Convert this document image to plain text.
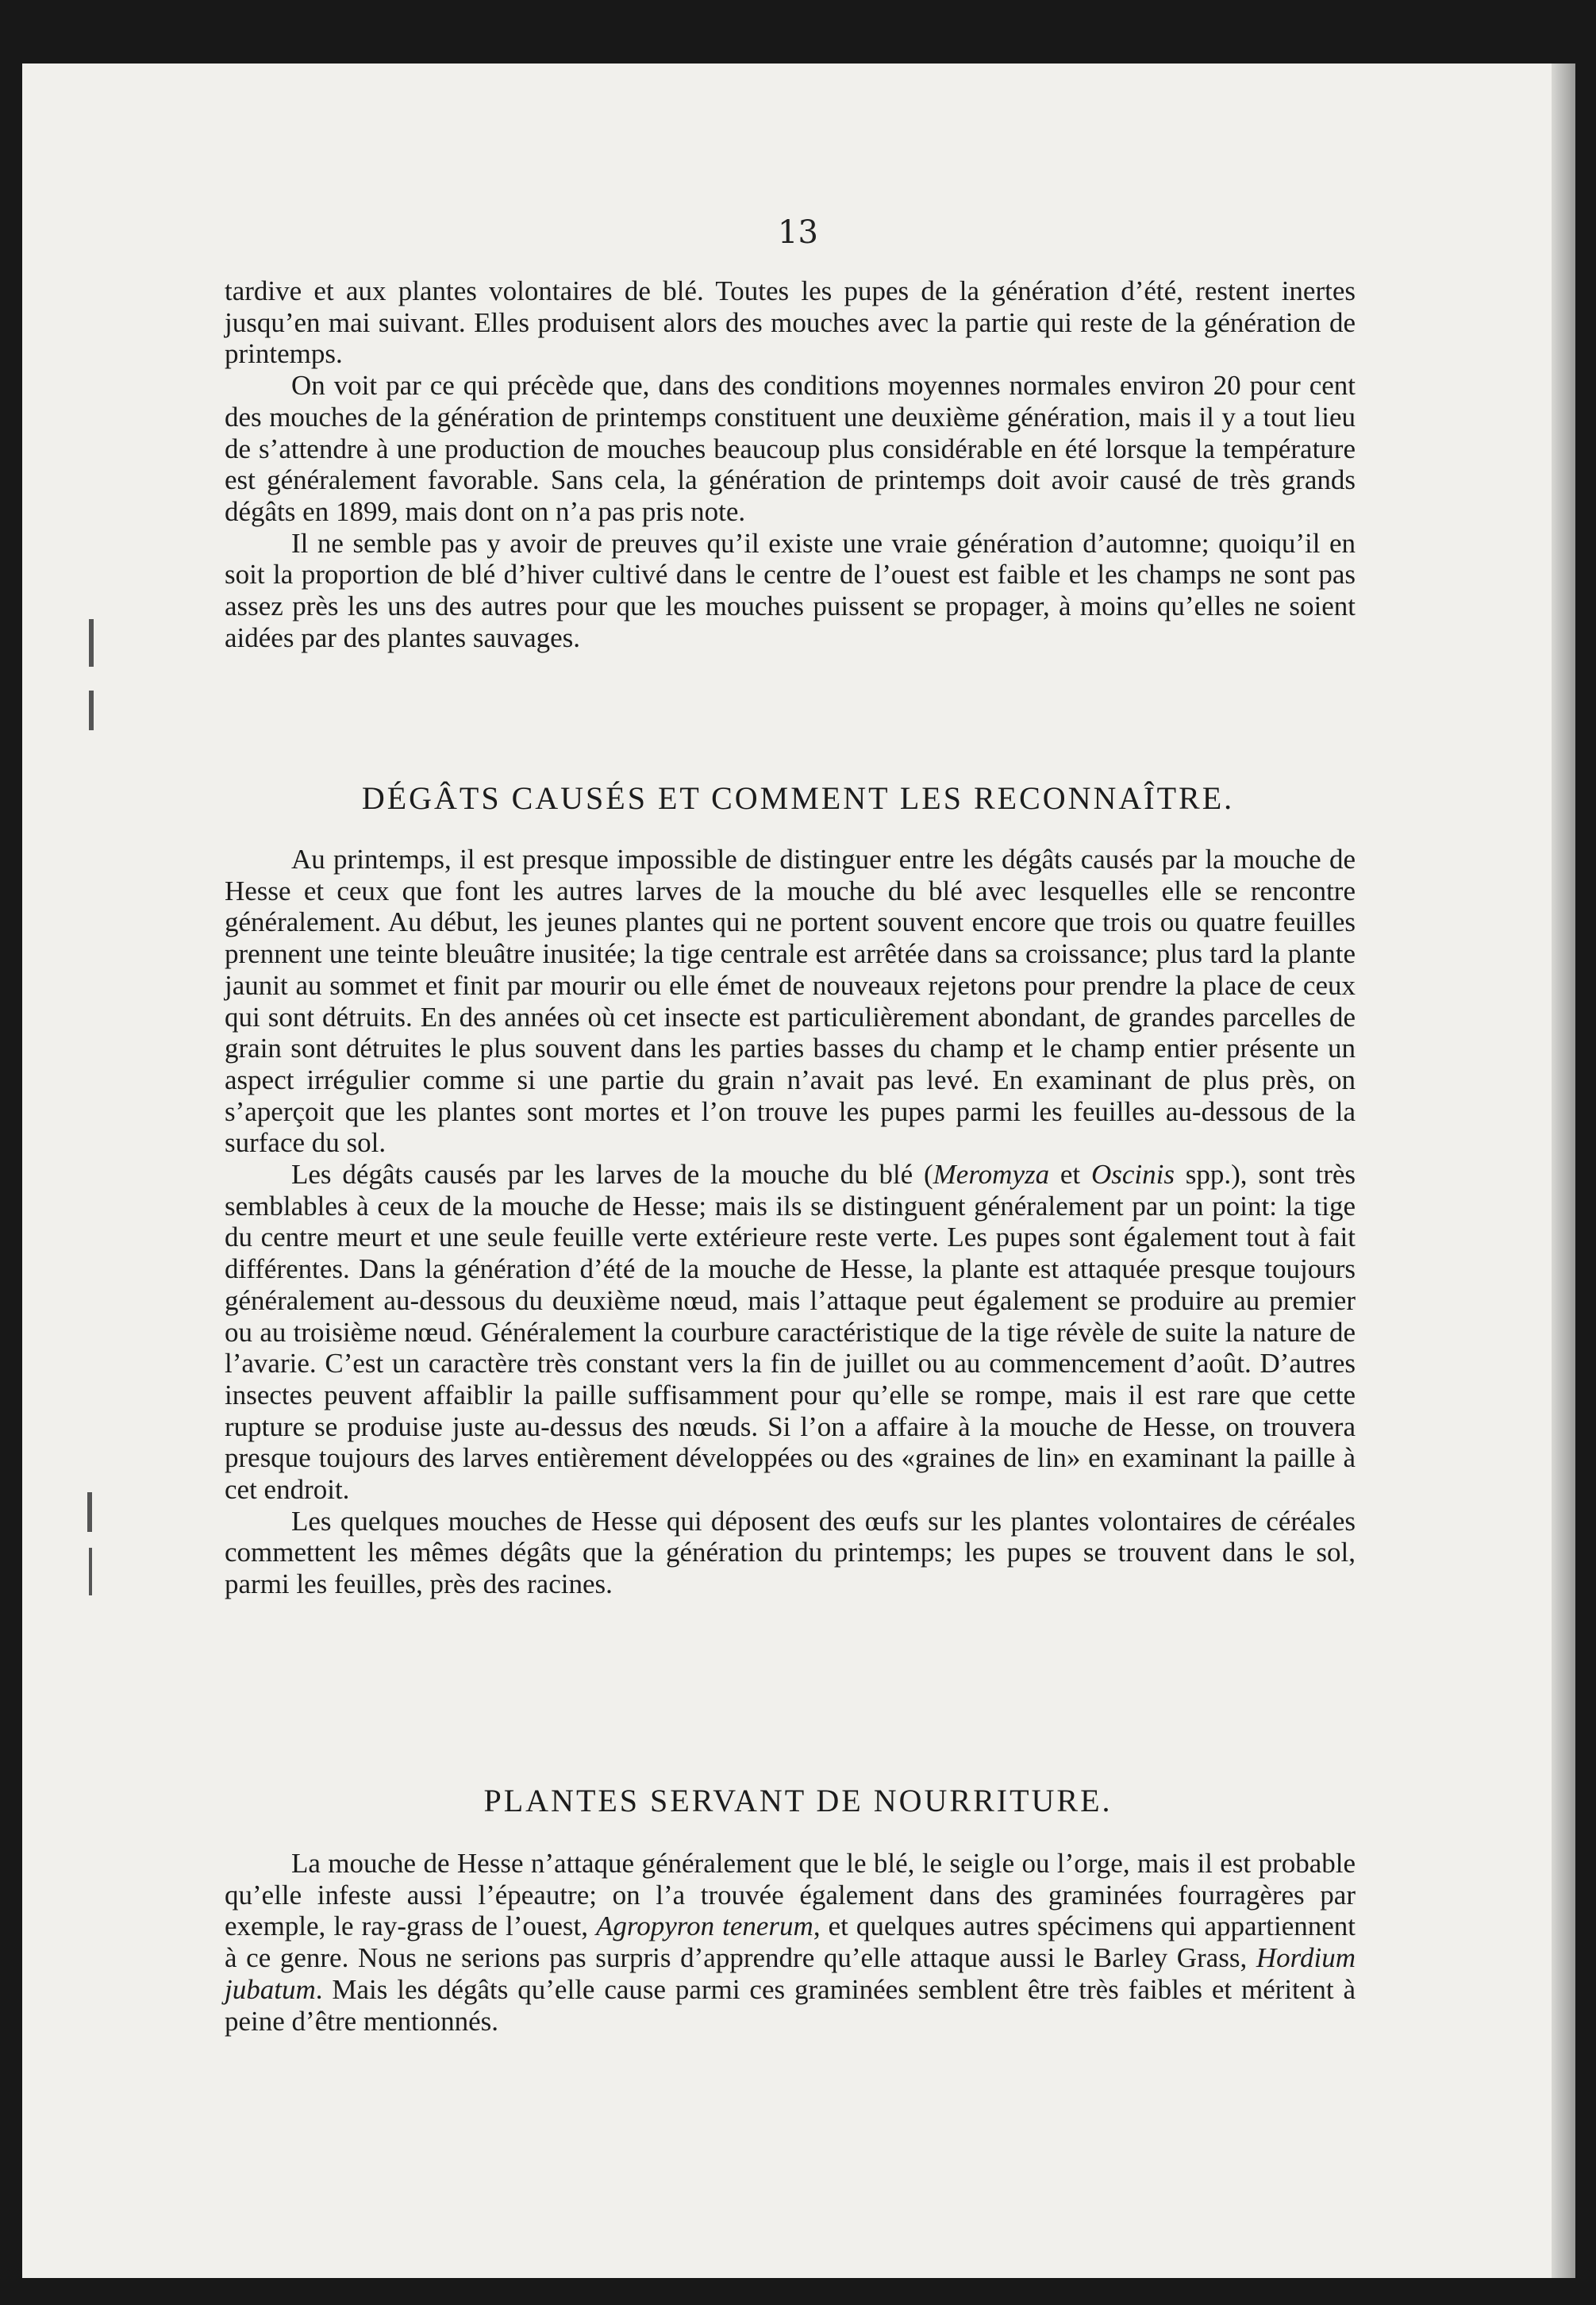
13

tardive et aux plantes volontaires de blé. Toutes les pupes de la génération d’été, restent inertes jusqu’en mai suivant. Elles produisent alors des mouches avec la partie qui reste de la génération de printemps.

On voit par ce qui précède que, dans des conditions moyennes normales environ 20 pour cent des mouches de la génération de printemps constituent une deuxième génération, mais il y a tout lieu de s’attendre à une production de mouches beaucoup plus considérable en été lorsque la température est généralement favorable. Sans cela, la génération de printemps doit avoir causé de très grands dégâts en 1899, mais dont on n’a pas pris note.

Il ne semble pas y avoir de preuves qu’il existe une vraie génération d’automne; quoiqu’il en soit la proportion de blé d’hiver cultivé dans le centre de l’ouest est faible et les champs ne sont pas assez près les uns des autres pour que les mouches puissent se propager, à moins qu’elles ne soient aidées par des plantes sauvages.

DÉGÂTS CAUSÉS ET COMMENT LES RECONNAÎTRE.

Au printemps, il est presque impossible de distinguer entre les dégâts causés par la mouche de Hesse et ceux que font les autres larves de la mouche du blé avec lesquelles elle se rencontre généralement. Au début, les jeunes plantes qui ne portent souvent encore que trois ou quatre feuilles prennent une teinte bleuâtre inusitée; la tige centrale est arrêtée dans sa croissance; plus tard la plante jaunit au sommet et finit par mourir ou elle émet de nouveaux rejetons pour prendre la place de ceux qui sont détruits. En des années où cet insecte est particulièrement abondant, de grandes parcelles de grain sont détruites le plus souvent dans les parties basses du champ et le champ entier présente un aspect irrégulier comme si une partie du grain n’avait pas levé. En examinant de plus près, on s’aperçoit que les plantes sont mortes et l’on trouve les pupes parmi les feuilles au-dessous de la surface du sol.

Les dégâts causés par les larves de la mouche du blé (Meromyza et Oscinis spp.), sont très semblables à ceux de la mouche de Hesse; mais ils se distinguent généralement par un point: la tige du centre meurt et une seule feuille verte extérieure reste verte. Les pupes sont également tout à fait différentes. Dans la génération d’été de la mouche de Hesse, la plante est attaquée presque toujours généralement au-dessous du deuxième nœud, mais l’attaque peut également se produire au premier ou au troisième nœud. Généralement la courbure caractéristique de la tige révèle de suite la nature de l’avarie. C’est un caractère très constant vers la fin de juillet ou au commencement d’août. D’autres insectes peuvent affaiblir la paille suffisamment pour qu’elle se rompe, mais il est rare que cette rupture se produise juste au-dessus des nœuds. Si l’on a affaire à la mouche de Hesse, on trouvera presque toujours des larves entièrement développées ou des «graines de lin» en examinant la paille à cet endroit.

Les quelques mouches de Hesse qui déposent des œufs sur les plantes volontaires de céréales commettent les mêmes dégâts que la génération du printemps; les pupes se trouvent dans le sol, parmi les feuilles, près des racines.

PLANTES SERVANT DE NOURRITURE.

La mouche de Hesse n’attaque généralement que le blé, le seigle ou l’orge, mais il est probable qu’elle infeste aussi l’épeautre; on l’a trouvée également dans des graminées fourragères par exemple, le ray-grass de l’ouest, Agropyron tenerum, et quelques autres spécimens qui appartiennent à ce genre. Nous ne serions pas surpris d’apprendre qu’elle attaque aussi le Barley Grass, Hordium jubatum. Mais les dégâts qu’elle cause parmi ces graminées semblent être très faibles et méritent à peine d’être mentionnés.
